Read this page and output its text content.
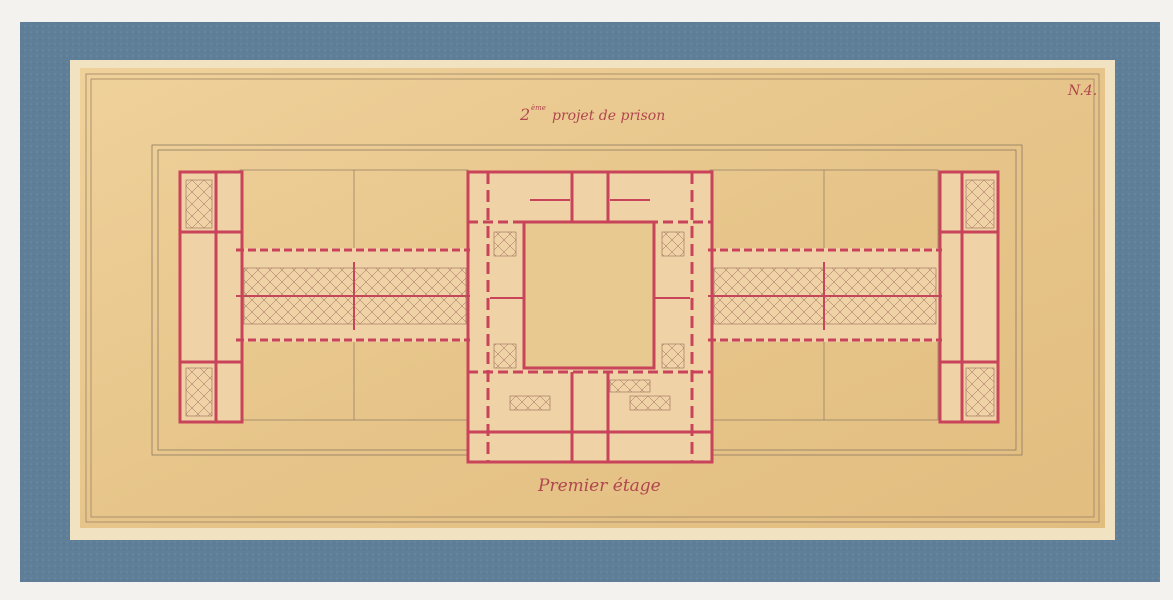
N.4.
2 ème projet de prison
Premier étage
